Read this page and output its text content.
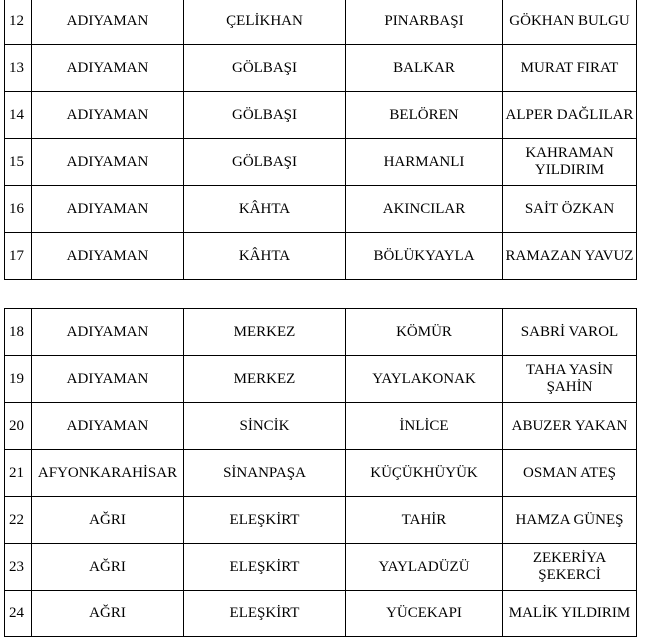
12	ADIYAMAN	ÇELİKHAN	PINARBAŞI	GÖKHAN BULGU
13	ADIYAMAN	GÖLBAŞI	BALKAR	MURAT FIRAT
14	ADIYAMAN	GÖLBAŞI	BELÖREN	ALPER DAĞLILAR
15	ADIYAMAN	GÖLBAŞI	HARMANLI	KAHRAMAN YILDIRIM
16	ADIYAMAN	KÂHTA	AKINCILAR	SAİT ÖZKAN
17	ADIYAMAN	KÂHTA	BÖLÜKYAYLA	RAMAZAN YAVUZ
18	ADIYAMAN	MERKEZ	KÖMÜR	SABRİ VAROL
19	ADIYAMAN	MERKEZ	YAYLAKONAK	TAHA YASİN ŞAHİN
20	ADIYAMAN	SİNCİK	İNLİCE	ABUZER YAKAN
21	AFYONKARAHİSAR	SİNANPAŞA	KÜÇÜKHÜYÜK	OSMAN ATEŞ
22	AĞRI	ELEŞKİRT	TAHİR	HAMZA GÜNEŞ
23	AĞRI	ELEŞKİRT	YAYLADÜZÜ	ZEKERİYA ŞEKERCİ
24	AĞRI	ELEŞKİRT	YÜCEKAPI	MALİK YILDIRIM
